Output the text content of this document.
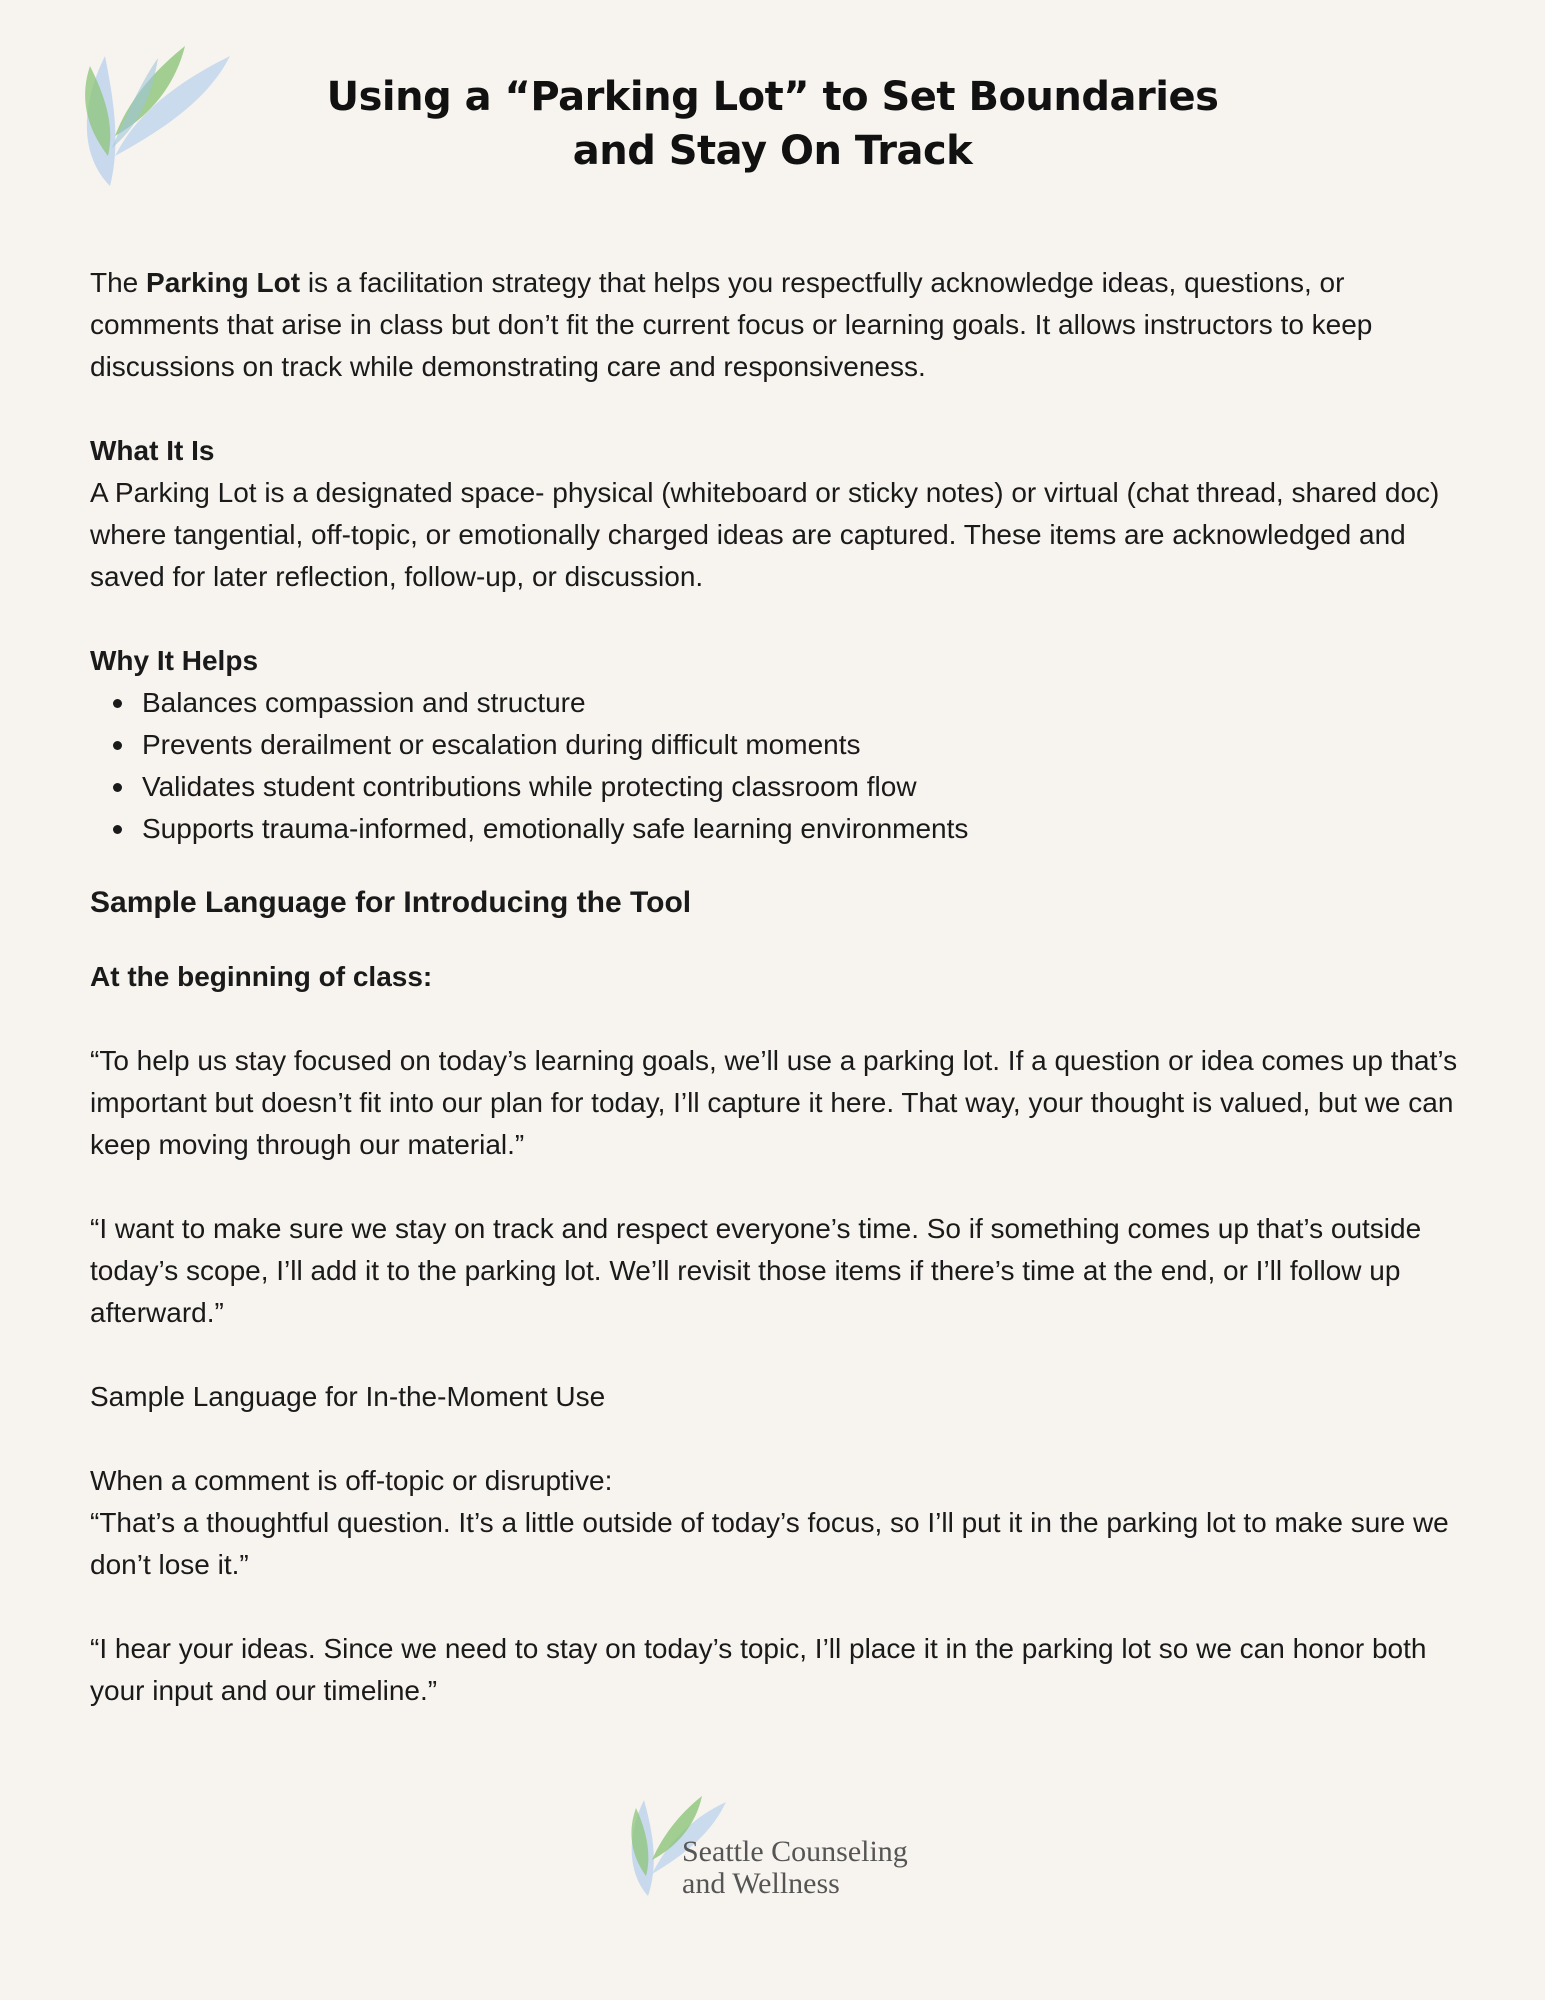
Using a “Parking Lot” to Set Boundaries
and Stay On Track

The Parking Lot is a facilitation strategy that helps you respectfully acknowledge ideas, questions, or comments that arise in class but don’t fit the current focus or learning goals. It allows instructors to keep discussions on track while demonstrating care and responsiveness.

What It Is

A Parking Lot is a designated space- physical (whiteboard or sticky notes) or virtual (chat thread, shared doc) where tangential, off-topic, or emotionally charged ideas are captured. These items are acknowledged and saved for later reflection, follow-up, or discussion.

Why It Helps

Balances compassion and structure
Prevents derailment or escalation during difficult moments
Validates student contributions while protecting classroom flow
Supports trauma-informed, emotionally safe learning environments

Sample Language for Introducing the Tool

At the beginning of class:

“To help us stay focused on today’s learning goals, we’ll use a parking lot. If a question or idea comes up that’s important but doesn’t fit into our plan for today, I’ll capture it here. That way, your thought is valued, but we can keep moving through our material.”

“I want to make sure we stay on track and respect everyone’s time. So if something comes up that’s outside today’s scope, I’ll add it to the parking lot. We’ll revisit those items if there’s time at the end, or I’ll follow up afterward.”

Sample Language for In-the-Moment Use

When a comment is off-topic or disruptive:

“That’s a thoughtful question. It’s a little outside of today’s focus, so I’ll put it in the parking lot to make sure we don’t lose it.”

“I hear your ideas. Since we need to stay on today’s topic, I’ll place it in the parking lot so we can honor both your input and our timeline.”

Seattle Counseling
and Wellness
